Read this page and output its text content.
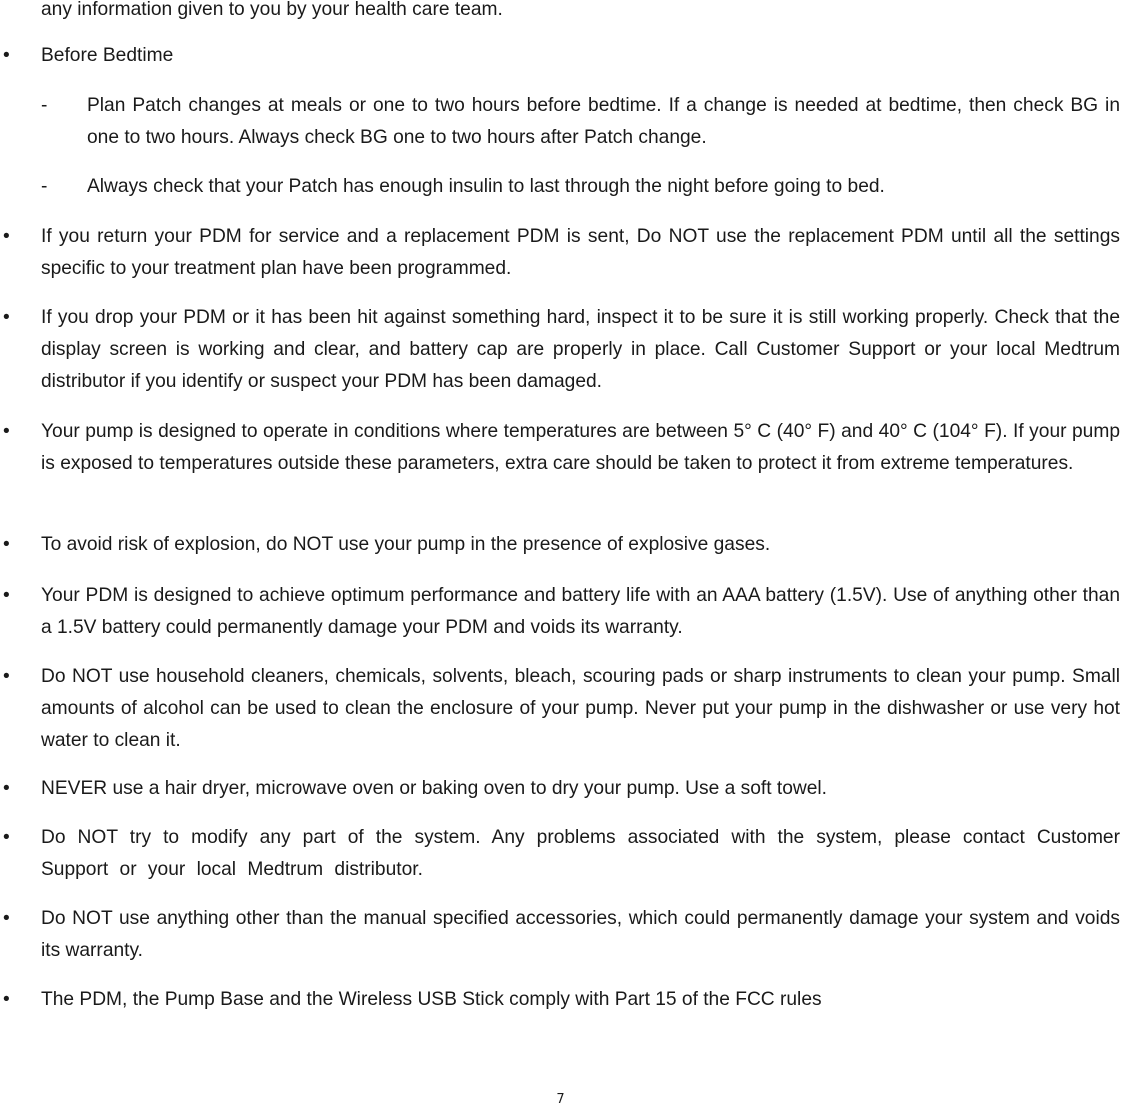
any information given to you by your health care team.
•	Before Bedtime
-	Plan Patch changes at meals or one to two hours before bedtime. If a change is needed at bedtime, then check BG in one to two hours. Always check BG one to two hours after Patch change.
-	Always check that your Patch has enough insulin to last through the night before going to bed.
•	If you return your PDM for service and a replacement PDM is sent, Do NOT use the replacement PDM until all the settings specific to your treatment plan have been programmed.
•	If you drop your PDM or it has been hit against something hard, inspect it to be sure it is still working properly. Check that the display screen is working and clear, and battery cap are properly in place. Call Customer Support or your local Medtrum distributor if you identify or suspect your PDM has been damaged.
•	Your pump is designed to operate in conditions where temperatures are between 5° C (40° F) and 40° C (104° F). If your pump is exposed to temperatures outside these parameters, extra care should be taken to protect it from extreme temperatures.
•	To avoid risk of explosion, do NOT use your pump in the presence of explosive gases.
•	Your PDM is designed to achieve optimum performance and battery life with an AAA battery (1.5V). Use of anything other than a 1.5V battery could permanently damage your PDM and voids its warranty.
•	Do NOT use household cleaners, chemicals, solvents, bleach, scouring pads or sharp instruments to clean your pump. Small amounts of alcohol can be used to clean the enclosure of your pump. Never put your pump in the dishwasher or use very hot water to clean it.
•	NEVER use a hair dryer, microwave oven or baking oven to dry your pump. Use a soft towel.
•	Do NOT try to modify any part of the system. Any problems associated with the system, please contact Customer Support or your local Medtrum distributor.
•	Do NOT use anything other than the manual specified accessories, which could permanently damage your system and voids its warranty.
•	The PDM, the Pump Base and the Wireless USB Stick comply with Part 15 of the FCC rules
7
